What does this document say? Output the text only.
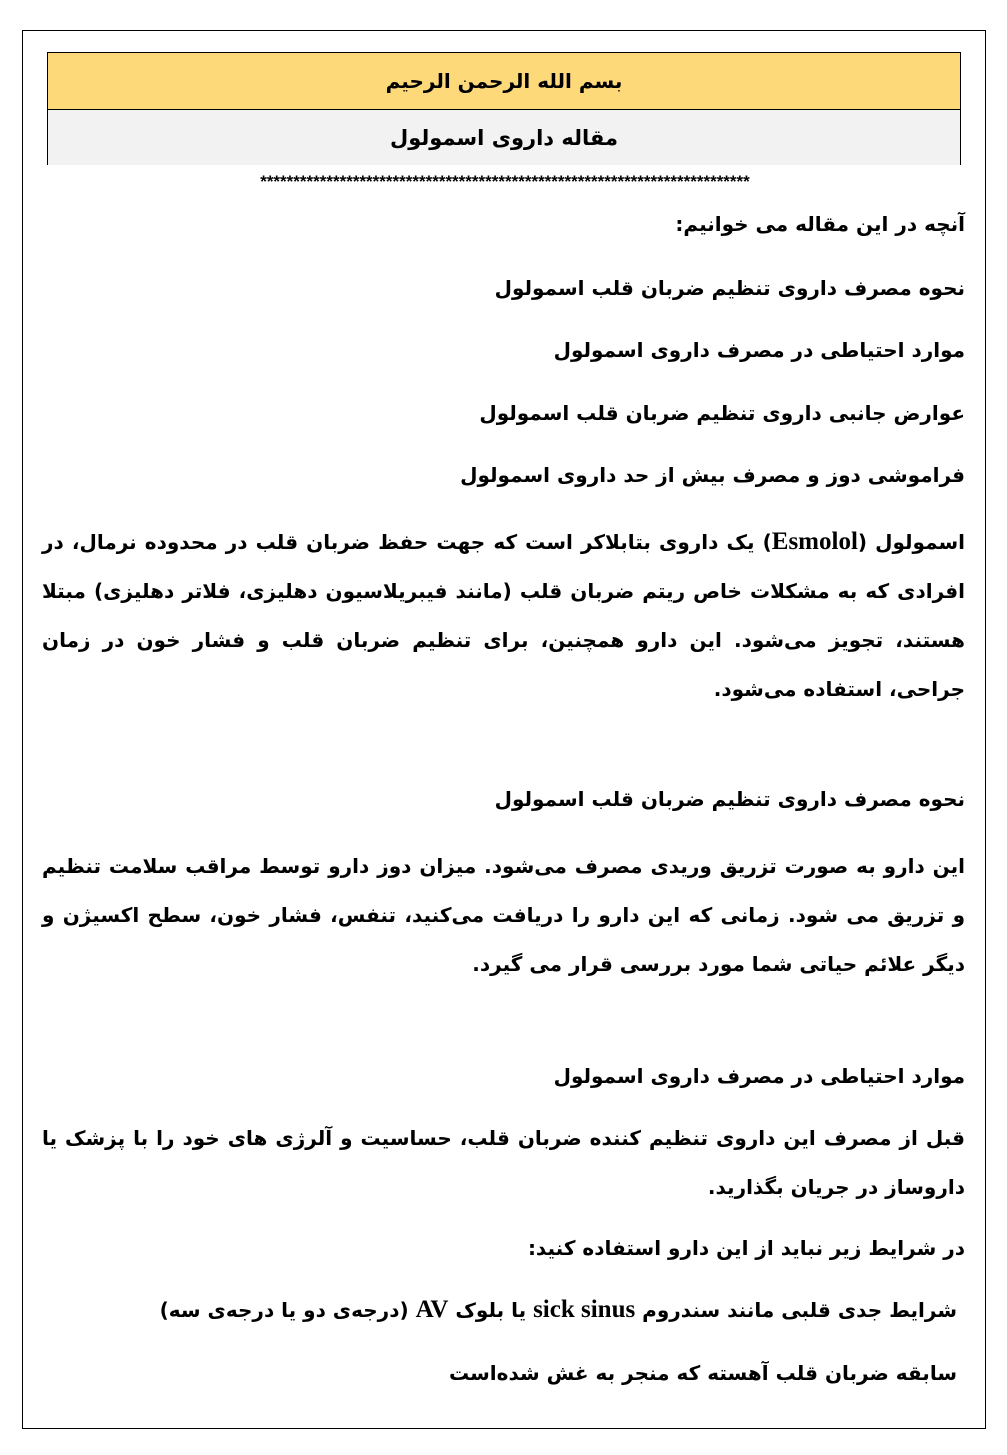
بسم الله الرحمن الرحیم
مقاله داروی اسمولول
**************************************************************************
آنچه در این مقاله می خوانیم:
نحوه مصرف داروی تنظیم ضربان قلب اسمولول
موارد احتیاطی در مصرف داروی اسمولول
عوارض جانبی داروی تنظیم ضربان قلب اسمولول
فراموشی دوز و مصرف بیش از حد داروی اسمولول
اسمولول (Esmolol) یک داروی بتابلاکر است که جهت حفظ ضربان قلب در محدوده نرمال، در افرادی که به مشکلات خاص ریتم ضربان قلب (مانند فیبریلاسیون دهلیزی، فلاتر دهلیزی) مبتلا هستند، تجویز می‌شود. این دارو همچنین، برای تنظیم ضربان قلب و فشار خون در زمان جراحی، استفاده می‌شود.
نحوه مصرف داروی تنظیم ضربان قلب اسمولول
این دارو به صورت تزریق وریدی مصرف می‌شود. میزان دوز دارو توسط مراقب سلامت تنظیم و تزریق می شود. زمانی که این دارو را دریافت می‌کنید، تنفس، فشار خون، سطح اکسیژن و دیگر علائم حیاتی شما مورد بررسی قرار می گیرد.
موارد احتیاطی در مصرف داروی اسمولول
قبل از مصرف این داروی تنظیم کننده ضربان قلب، حساسیت و آلرژی های خود را با پزشک یا داروساز در جریان بگذارید.
در شرایط زیر نباید از این دارو استفاده کنید:
شرایط جدی قلبی مانند سندروم sick sinus یا بلوک AV (درجه‌ی دو یا درجه‌ی سه)
سابقه ضربان قلب آهسته که منجر به غش شده‌است
